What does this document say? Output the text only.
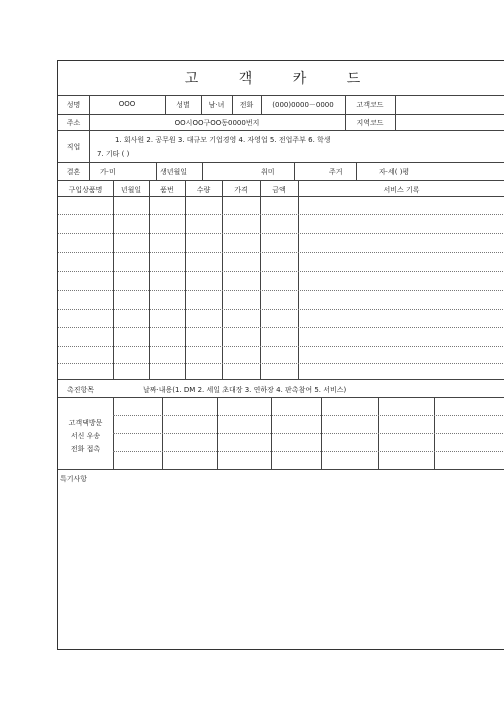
고 객 카 드
성명	OOO	성별	남·녀	전화	(000)0000－0000	고객코드
주소	OO시OO구OO동0000번지	지역코드
직업
1. 회사원 2. 공무원 3. 대규모 기업경영 4. 자영업 5. 전업주부 6. 학생
7. 기타 ( )
결혼	가·미	생년월일	취미	주거	자·세( )평
구입상품명	년월일	품번	수량	가격	금액	서비스 기록
촉진항목	날짜·내용(1. DM 2. 세일 초대장 3. 연하장 4. 판촉참여 5. 서비스)
고객댁방문
서신 우송
전화 접촉
특기사항
